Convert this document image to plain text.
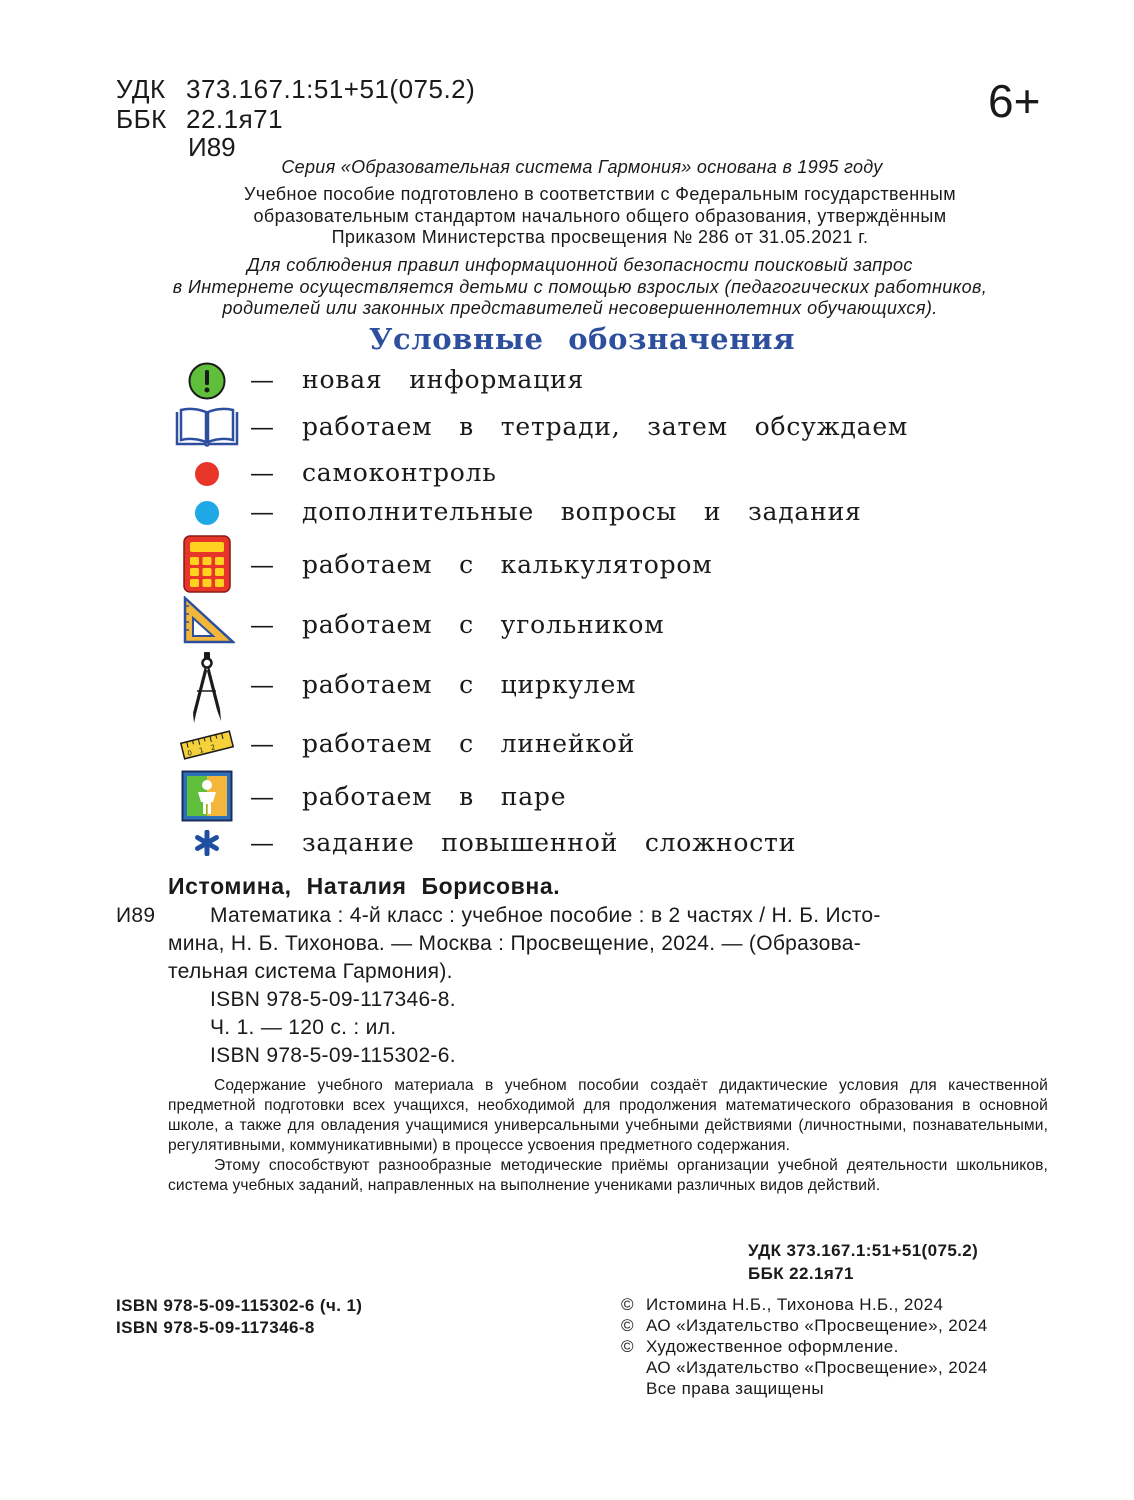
УДК 373.167.1:51+51(075.2)
ББК 22.1я71
И89
6+
Серия «Образовательная система Гармония» основана в 1995 году
Учебное пособие подготовлено в соответствии с Федеральным государственным
образовательным стандартом начального общего образования, утверждённым
Приказом Министерства просвещения № 286 от 31.05.2021 г.
Для соблюдения правил информационной безопасности поисковый запрос
в Интернете осуществляется детьми с помощью взрослых (педагогических работников,
родителей или законных представителей несовершеннолетних обучающихся).
Условные обозначения
— новая информация
— работаем в тетради, затем обсуждаем
— самоконтроль
— дополнительные вопросы и задания
— работаем с калькулятором
— работаем с угольником
— работаем с циркулем
0 1 2 — работаем с линейкой
— работаем в паре
— задание повышенной сложности
Истомина, Наталия Борисовна.
И89	Математика : 4-й класс : учебное пособие : в 2 частях / Н. Б. Исто-
мина, Н. Б. Тихонова. — Москва : Просвещение, 2024. — (Образова-
тельная система Гармония).
ISBN 978-5-09-117346-8.
Ч. 1. — 120 с. : ил.
ISBN 978-5-09-115302-6.

Содержание учебного материала в учебном пособии создаёт дидактические условия для качественной предметной подготовки всех учащихся, необходимой для продолжения математического образования в основной школе, а также для овладения учащимися универсальными учебными действиями (личностными, познавательными, регулятивными, коммуникативными) в процессе усвоения предметного содержания.

Этому способствуют разнообразные методические приёмы организации учебной деятельности школьников, система учебных заданий, направленных на выполнение учениками различных видов действий.

УДК 373.167.1:51+51(075.2)
ББК 22.1я71
ISBN 978-5-09-115302-6 (ч. 1)
ISBN 978-5-09-117346-8
© Истомина Н.Б., Тихонова Н.Б., 2024
© АО «Издательство «Просвещение», 2024
© Художественное оформление.
АО «Издательство «Просвещение», 2024
Все права защищены
